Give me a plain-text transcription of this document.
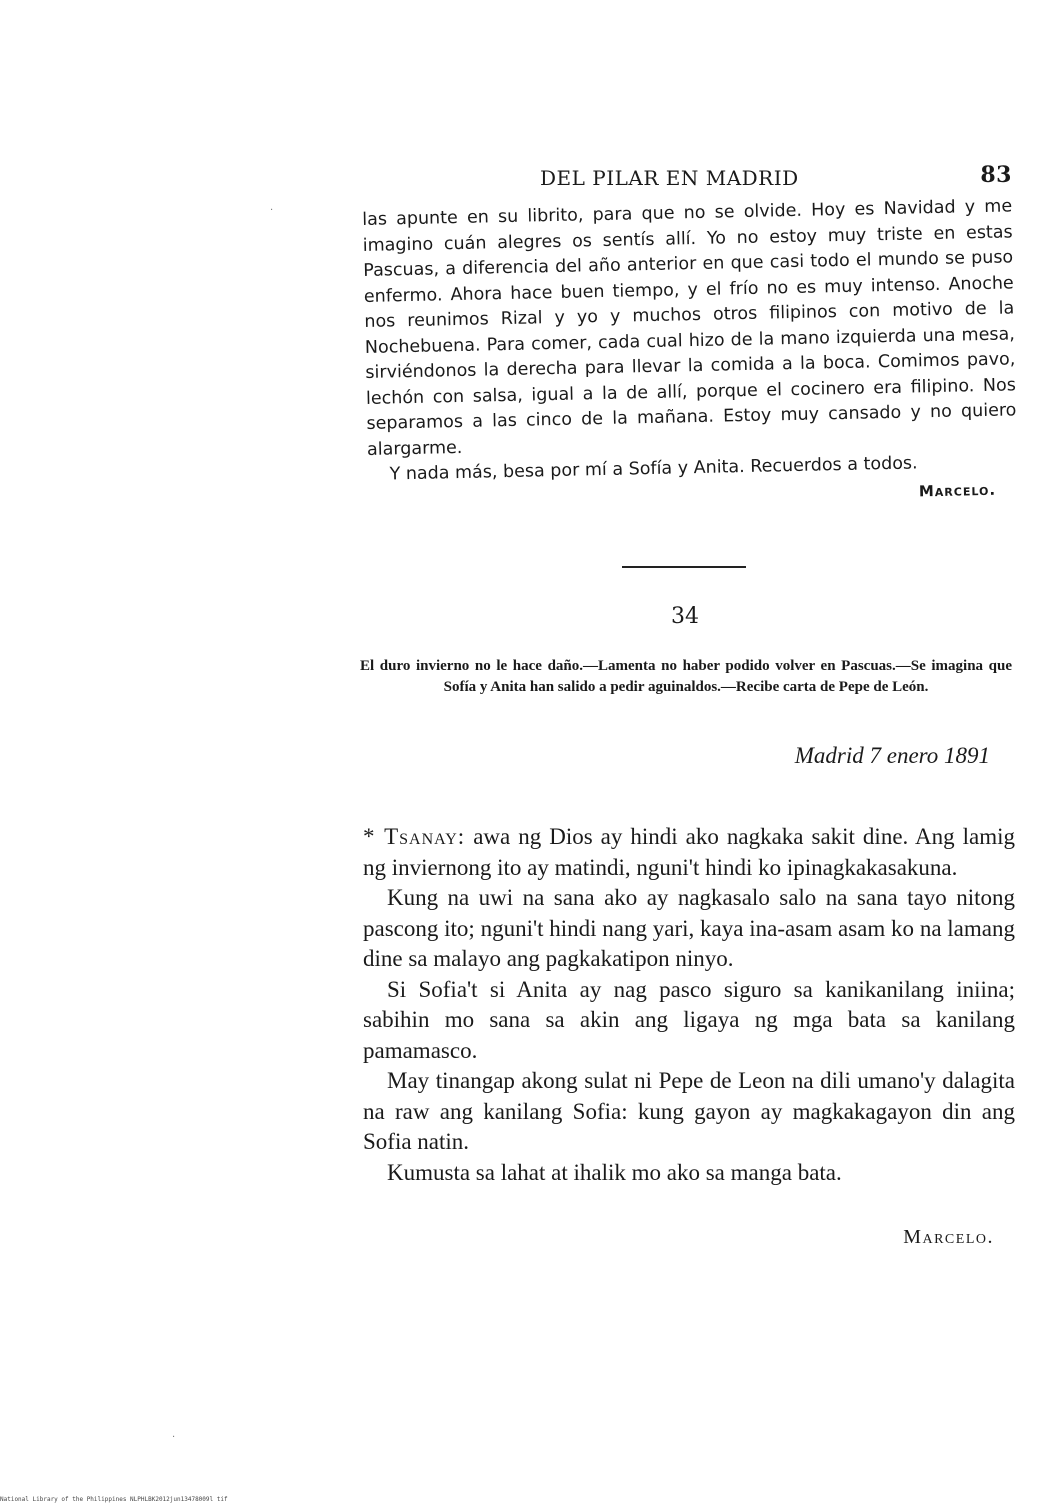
DEL PILAR EN MADRID	83

las apunte en su librito, para que no se olvide. Hoy es Navidad y me imagino cuán alegres os sentís allí. Yo no estoy muy triste en estas Pascuas, a diferencia del año anterior en que casi todo el mundo se puso enfermo. Ahora hace buen tiempo, y el frío no es muy intenso. Anoche nos reunimos Rizal y yo y muchos otros filipinos con motivo de la Nochebuena. Para comer, cada cual hizo de la mano izquierda una mesa, sirviéndonos la derecha para llevar la comida a la boca. Comimos pavo, lechón con salsa, igual a la de allí, porque el cocinero era filipino. Nos separamos a las cinco de la mañana. Estoy muy cansado y no quiero alargarme.

Y nada más, besa por mí a Sofía y Anita. Recuerdos a todos.

Marcelo.

34
El duro invierno no le hace daño.—Lamenta no haber podido volver en Pascuas.—Se imagina que Sofía y Anita han salido a pedir aguinaldos.—Recibe carta de Pepe de León.
Madrid 7 enero 1891

* Tsanay: awa ng Dios ay hindi ako nagkaka sakit dine. Ang lamig ng inviernong ito ay matindi, nguni't hindi ko ipinagkakasakuna.

Kung na uwi na sana ako ay nagkasalo salo na sana tayo nitong pascong ito; nguni't hindi nang yari, kaya ina-asam asam ko na lamang dine sa malayo ang pagkakatipon ninyo.

Si Sofia't si Anita ay nag pasco siguro sa kanikanilang iniina; sabihin mo sana sa akin ang ligaya ng mga bata sa kanilang pamamasco.

May tinangap akong sulat ni Pepe de Leon na dili umano'y dalagita na raw ang kanilang Sofia: kung gayon ay magkakagayon din ang Sofia natin.

Kumusta sa lahat at ihalik mo ako sa manga bata.

Marcelo.
·
·
National Library of the Philippines NLPHLBK2012jun13478009l tif
